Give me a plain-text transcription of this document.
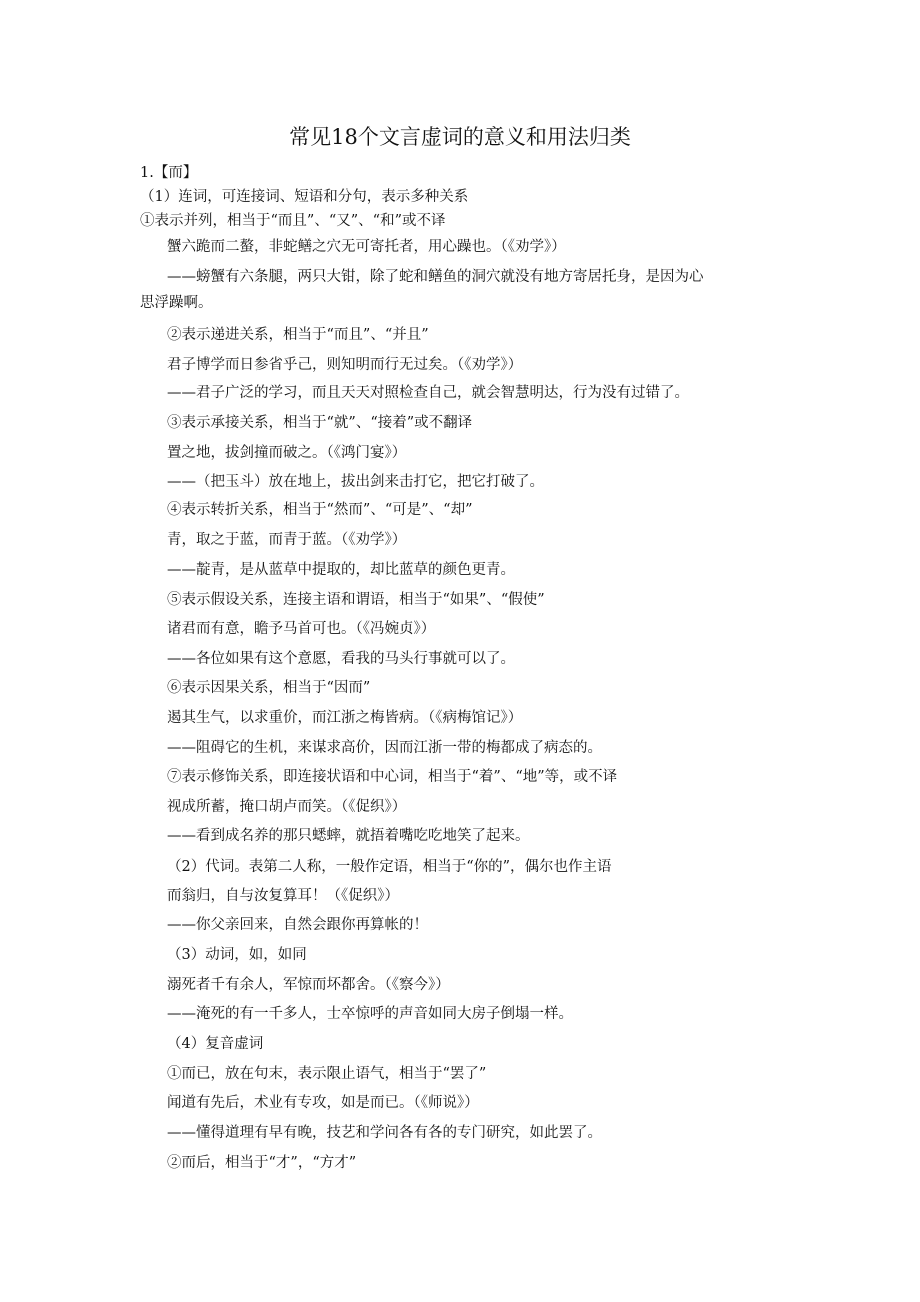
常见18个文言虚词的意义和用法归类
1.【而】
（1）连词，可连接词、短语和分句，表示多种关系
①表示并列，相当于“而且”、“又”、“和”或不译
蟹六跪而二螯，非蛇鳝之穴无可寄托者，用心躁也。（《劝学》）
——螃蟹有六条腿，两只大钳，除了蛇和鳝鱼的洞穴就没有地方寄居托身，是因为心
思浮躁啊。
②表示递进关系，相当于“而且”、“并且”
君子博学而日参省乎己，则知明而行无过矣。（《劝学》）
——君子广泛的学习，而且天天对照检查自己，就会智慧明达，行为没有过错了。
③表示承接关系，相当于“就”、“接着”或不翻译
置之地，拔剑撞而破之。（《鸿门宴》）
——（把玉斗）放在地上，拔出剑来击打它，把它打破了。
④表示转折关系，相当于“然而”、“可是”、“却”
青，取之于蓝，而青于蓝。（《劝学》）
——靛青，是从蓝草中提取的，却比蓝草的颜色更青。
⑤表示假设关系，连接主语和谓语，相当于“如果”、“假使”
诸君而有意，瞻予马首可也。（《冯婉贞》）
——各位如果有这个意愿，看我的马头行事就可以了。
⑥表示因果关系，相当于“因而”
遏其生气，以求重价，而江浙之梅皆病。（《病梅馆记》）
——阻碍它的生机，来谋求高价，因而江浙一带的梅都成了病态的。
⑦表示修饰关系，即连接状语和中心词，相当于“着”、“地”等，或不译
视成所蓄，掩口胡卢而笑。（《促织》）
——看到成名养的那只蟋蟀，就捂着嘴吃吃地笑了起来。
（2）代词。表第二人称，一般作定语，相当于“你的”，偶尔也作主语
而翁归，自与汝复算耳！（《促织》）
——你父亲回来，自然会跟你再算帐的！
（3）动词，如，如同
溺死者千有余人，军惊而坏都舍。（《察今》）
——淹死的有一千多人，士卒惊呼的声音如同大房子倒塌一样。
（4）复音虚词
①而已，放在句末，表示限止语气，相当于“罢了”
闻道有先后，术业有专攻，如是而已。（《师说》）
——懂得道理有早有晚，技艺和学问各有各的专门研究，如此罢了。
②而后，相当于“才”，“方才”
